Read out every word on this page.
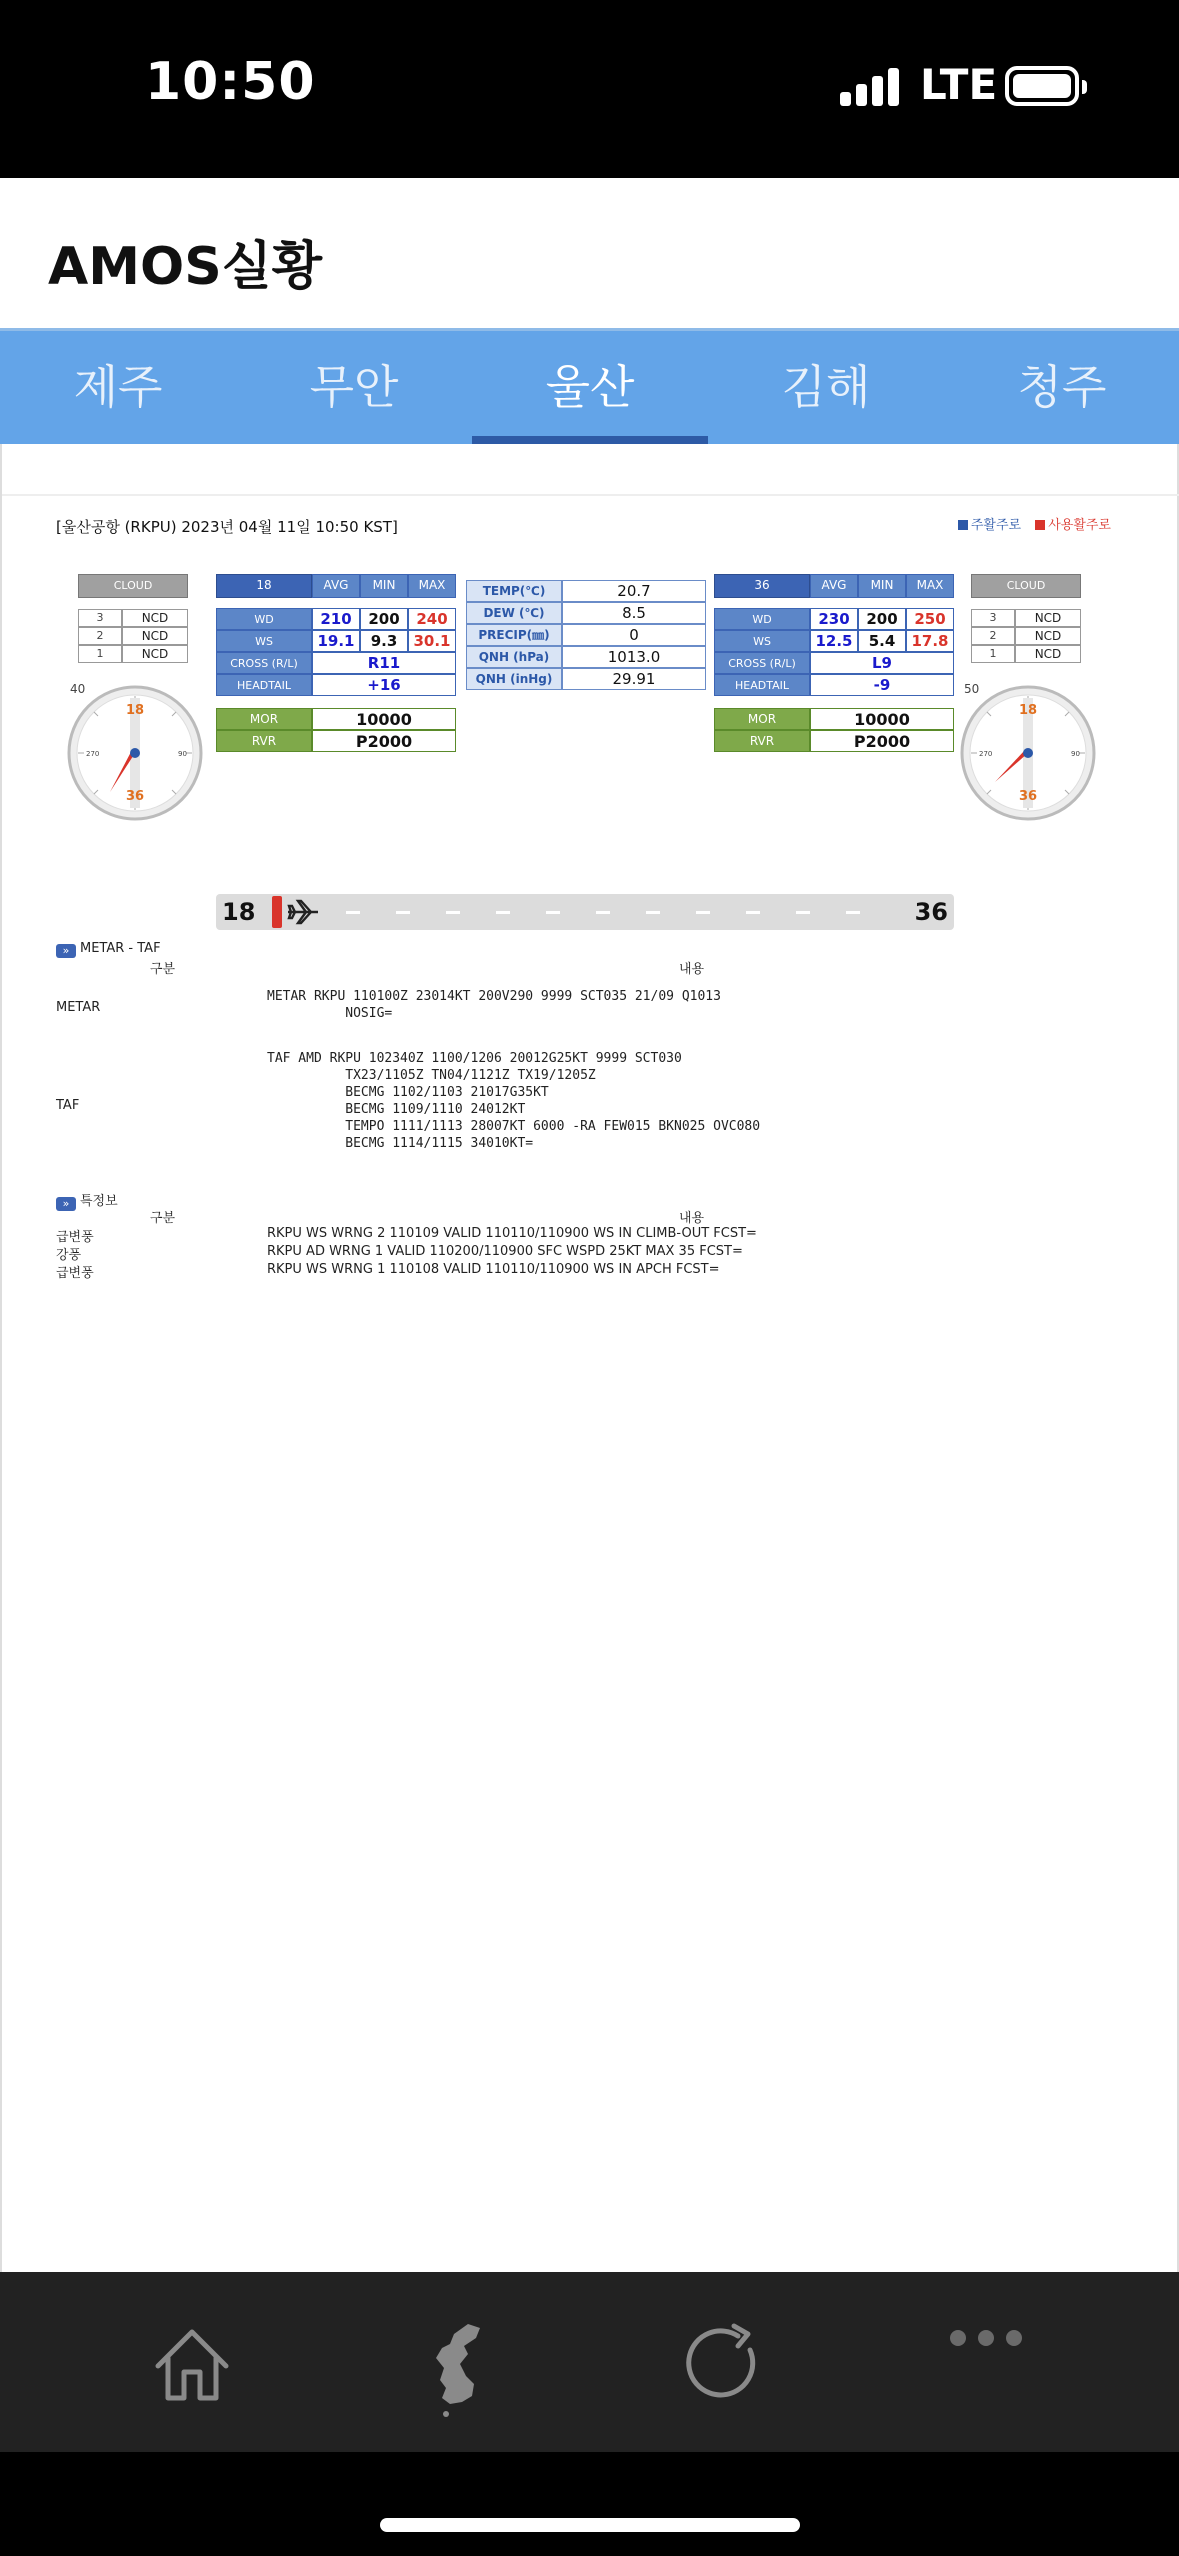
10:50	LTE
AMOS실황
제주	무안	울산	김해	청주
[울산공항 (RKPU) 2023년 04월 11일 10:50 KST]	주활주로 사용활주로
CLOUD
3	NCD
2	NCD
1	NCD
40
18
36
270	90
18	AVG	MIN	MAX
WD	210	200	240
WS	19.1	9.3	30.1
CROSS (R/L)	R11
HEADTAIL	+16
MOR	10000
RVR	P2000
TEMP(℃)	20.7
DEW (℃)	8.5
PRECIP(㎜)	0
QNH (hPa)	1013.0
QNH (inHg)	29.91
36	AVG	MIN	MAX
WD	230	200	250
WS	12.5	5.4	17.8
CROSS (R/L)	L9
HEADTAIL	-9
MOR	10000
RVR	P2000
CLOUD
3	NCD
2	NCD
1	NCD
50
18
36
270	90
18	36
» METAR - TAF
구분	내용
METAR
METAR RKPU 110100Z 23014KT 200V290 9999 SCT035 21/09 Q1013
NOSIG=
TAF
TAF AMD RKPU 102340Z 1100/1206 20012G25KT 9999 SCT030
TX23/1105Z TN04/1121Z TX19/1205Z
BECMG 1102/1103 21017G35KT
BECMG 1109/1110 24012KT
TEMPO 1111/1113 28007KT 6000 -RA FEW015 BKN025 OVC080
BECMG 1114/1115 34010KT=
» 특정보
구분	내용
급변풍	RKPU WS WRNG 2 110109 VALID 110110/110900 WS IN CLIMB-OUT FCST=
강풍	RKPU AD WRNG 1 VALID 110200/110900 SFC WSPD 25KT MAX 35 FCST=
급변풍	RKPU WS WRNG 1 110108 VALID 110110/110900 WS IN APCH FCST=
